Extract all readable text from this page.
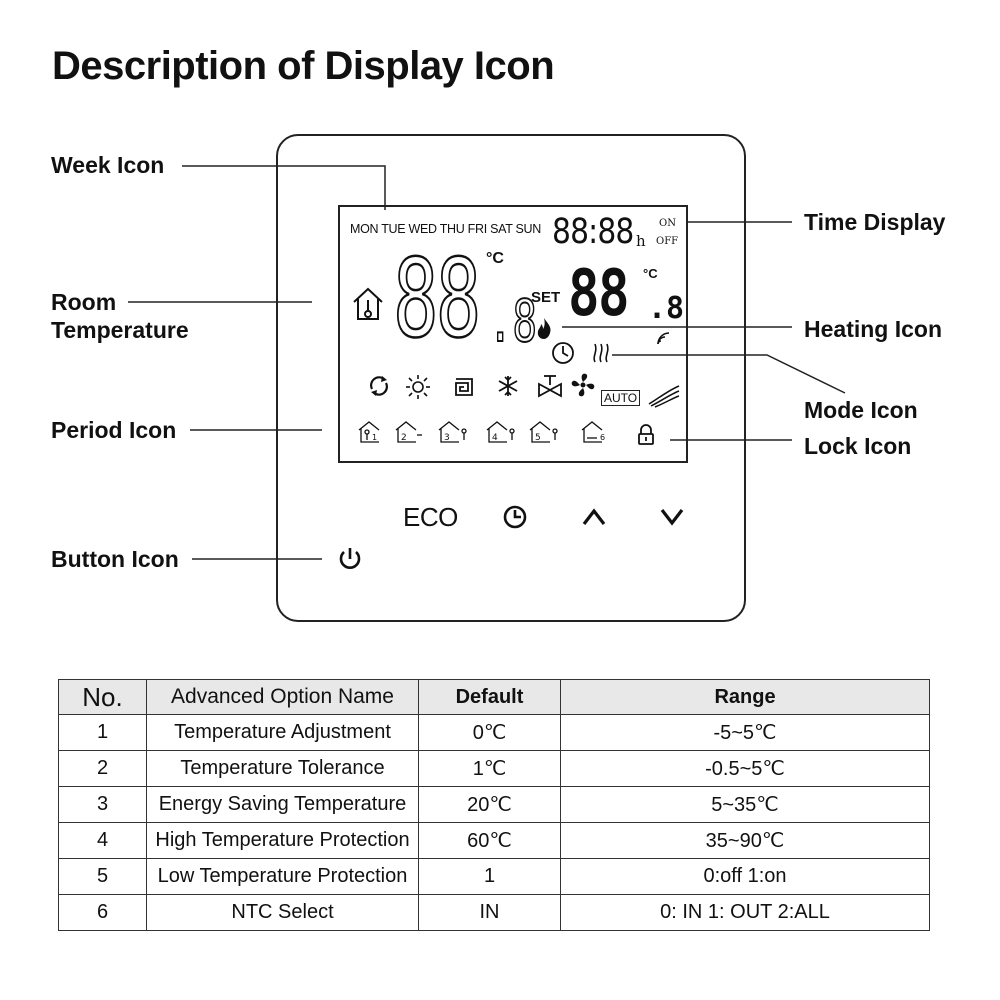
Description of Display Icon
Week Icon
Room
Temperature
Period Icon
Button Icon
Time Display
Heating Icon
Mode Icon
Lock Icon
MON TUE WED THU FRI SAT SUN 88:88 h
ON
OFF
88 .8
°C
SET 88 .8
°C
AUTO
1	2	3	4	5	6
ECO
No.	Advanced Option Name	Default	Range
1	Temperature Adjustment	0℃	-5~5℃
2	Temperature Tolerance	1℃	-0.5~5℃
3	Energy Saving Temperature	20℃	5~35℃
4	High Temperature Protection	60℃	35~90℃
5	Low Temperature Protection	1	0:off 1:on
6	NTC Select	IN	0: IN 1: OUT 2:ALL
